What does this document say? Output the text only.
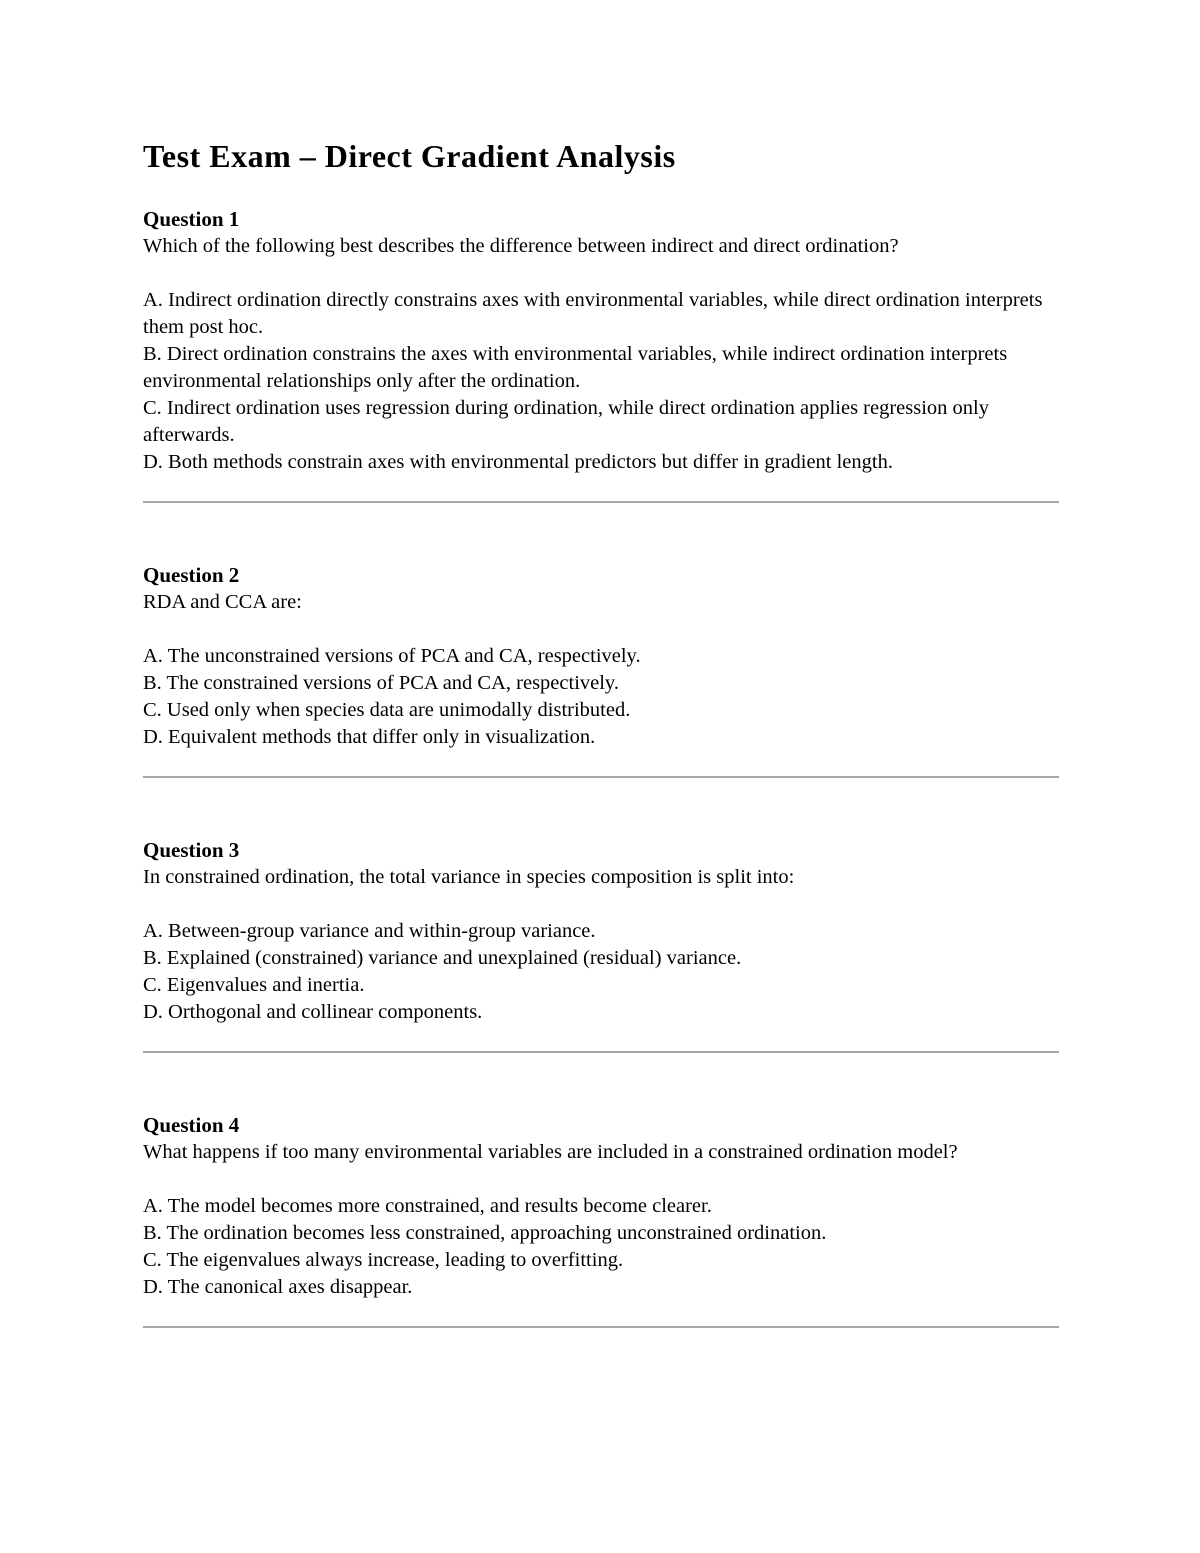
Test Exam – Direct Gradient Analysis
Question 1

Which of the following best describes the difference between indirect and direct ordination?

A. Indirect ordination directly constrains axes with environmental variables, while direct ordination interprets them post hoc.

B. Direct ordination constrains the axes with environmental variables, while indirect ordination interprets environmental relationships only after the ordination.

C. Indirect ordination uses regression during ordination, while direct ordination applies regression only afterwards.

D. Both methods constrain axes with environmental predictors but differ in gradient length.

Question 2

RDA and CCA are:

A. The unconstrained versions of PCA and CA, respectively.

B. The constrained versions of PCA and CA, respectively.

C. Used only when species data are unimodally distributed.

D. Equivalent methods that differ only in visualization.

Question 3

In constrained ordination, the total variance in species composition is split into:

A. Between-group variance and within-group variance.

B. Explained (constrained) variance and unexplained (residual) variance.

C. Eigenvalues and inertia.

D. Orthogonal and collinear components.

Question 4

What happens if too many environmental variables are included in a constrained ordination model?

A. The model becomes more constrained, and results become clearer.

B. The ordination becomes less constrained, approaching unconstrained ordination.

C. The eigenvalues always increase, leading to overfitting.

D. The canonical axes disappear.
